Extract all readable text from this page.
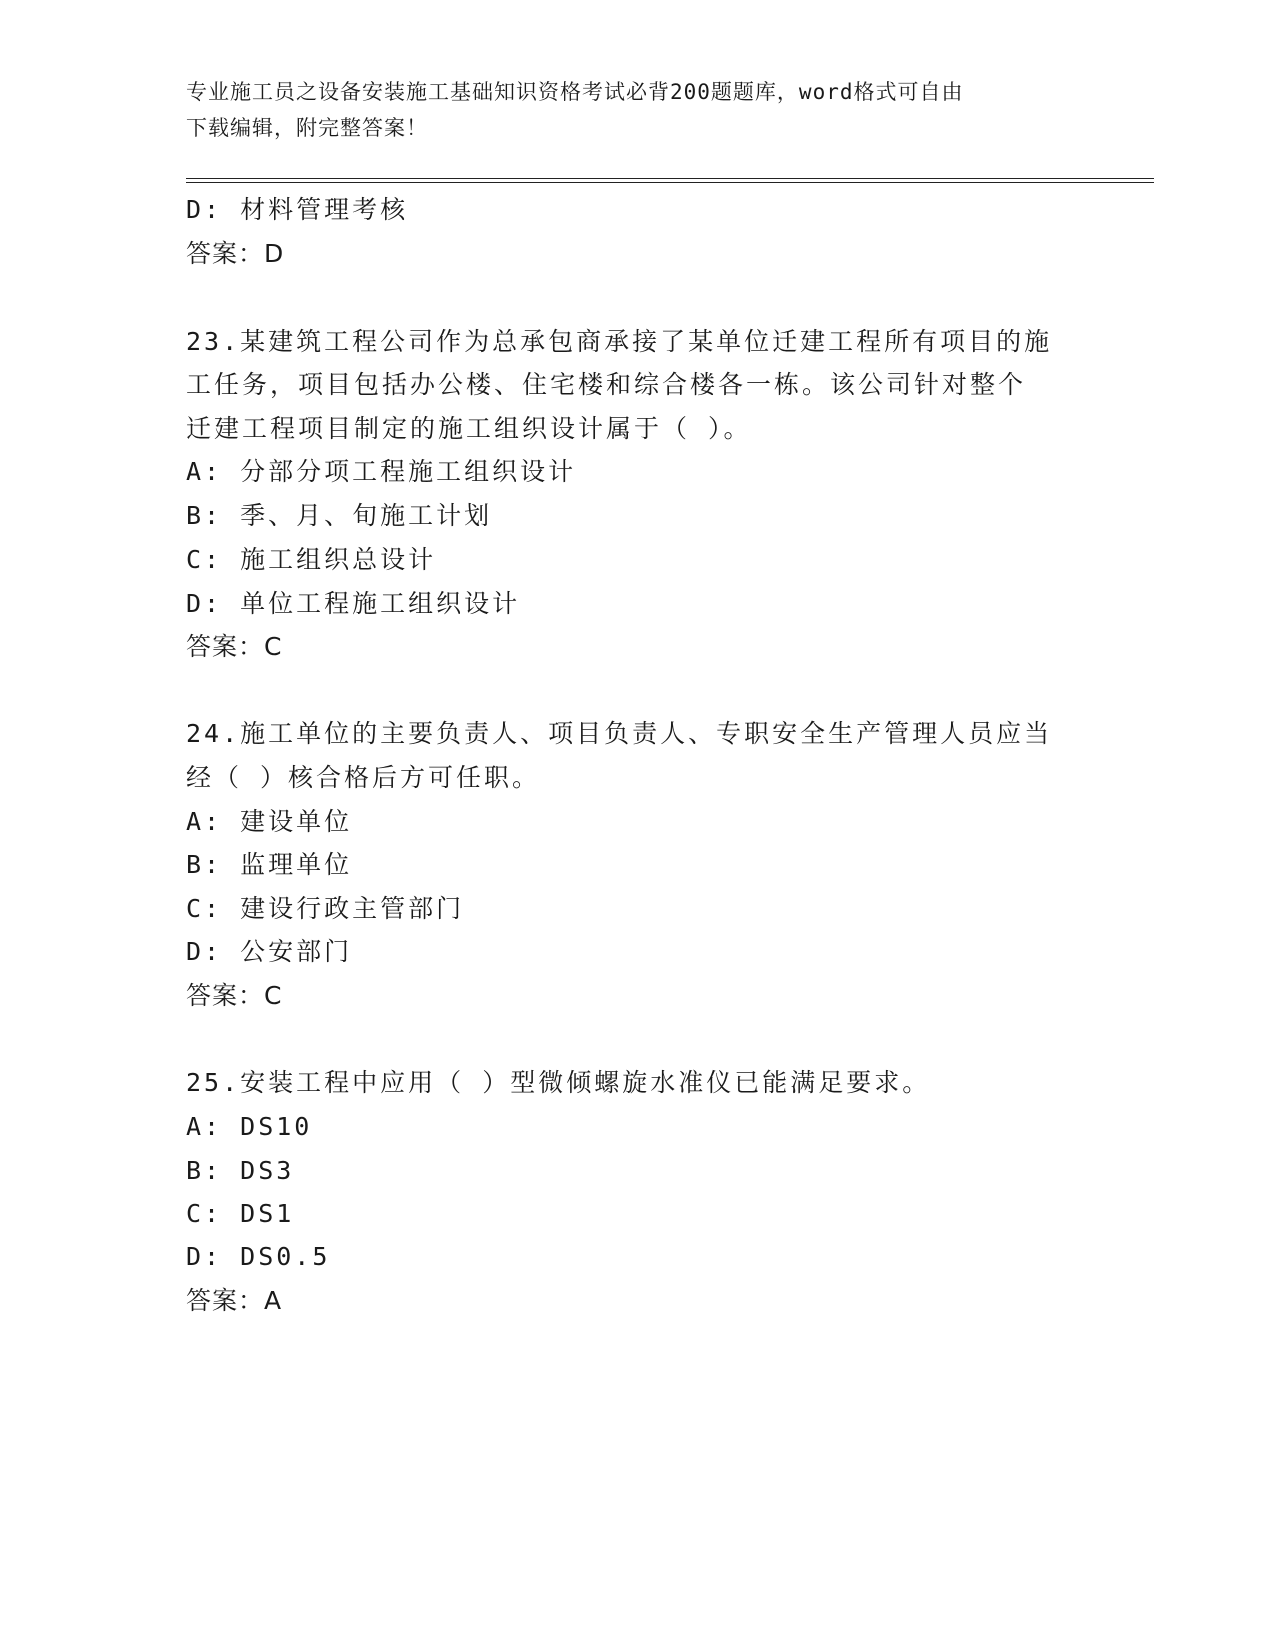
专业施工员之设备安装施工基础知识资格考试必背200题题库，word格式可自由
下载编辑，附完整答案！
D: 材料管理考核
答案：D
23.某建筑工程公司作为总承包商承接了某单位迁建工程所有项目的施
工任务，项目包括办公楼、住宅楼和综合楼各一栋。该公司针对整个
迁建工程项目制定的施工组织设计属于（ ）。
A: 分部分项工程施工组织设计
B: 季、月、旬施工计划
C: 施工组织总设计
D: 单位工程施工组织设计
答案：C
24.施工单位的主要负责人、项目负责人、专职安全生产管理人员应当
经（ ）核合格后方可任职。
A: 建设单位
B: 监理单位
C: 建设行政主管部门
D: 公安部门
答案：C
25.安装工程中应用（ ）型微倾螺旋水准仪已能满足要求。
A: DS10
B: DS3
C: DS1
D: DS0.5
答案：A
